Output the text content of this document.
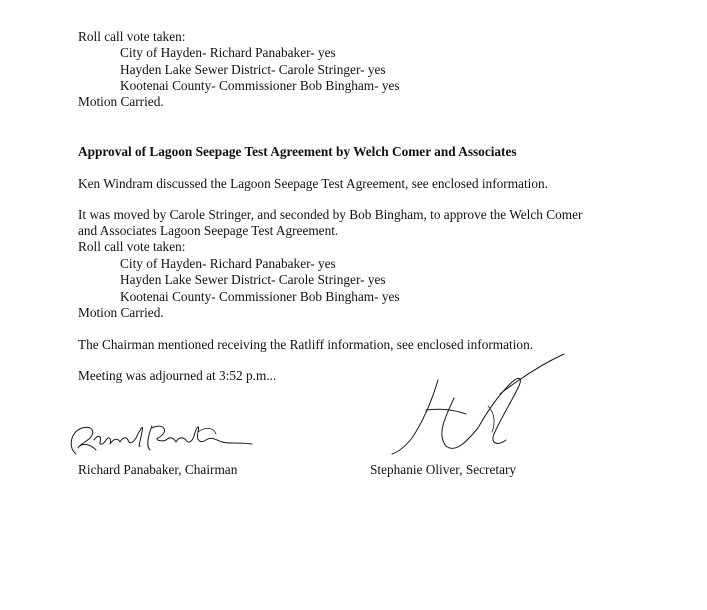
Roll call vote taken:
City of Hayden- Richard Panabaker- yes
Hayden Lake Sewer District- Carole Stringer- yes
Kootenai County- Commissioner Bob Bingham- yes
Motion Carried.
Approval of Lagoon Seepage Test Agreement by Welch Comer and Associates
Ken Windram discussed the Lagoon Seepage Test Agreement, see enclosed information.
It was moved by Carole Stringer, and seconded by Bob Bingham, to approve the Welch Comer
and Associates Lagoon Seepage Test Agreement.
Roll call vote taken:
City of Hayden- Richard Panabaker- yes
Hayden Lake Sewer District- Carole Stringer- yes
Kootenai County- Commissioner Bob Bingham- yes
Motion Carried.
The Chairman mentioned receiving the Ratliff information, see enclosed information.
Meeting was adjourned at 3:52 p.m...
Richard Panabaker, Chairman	Stephanie Oliver, Secretary
